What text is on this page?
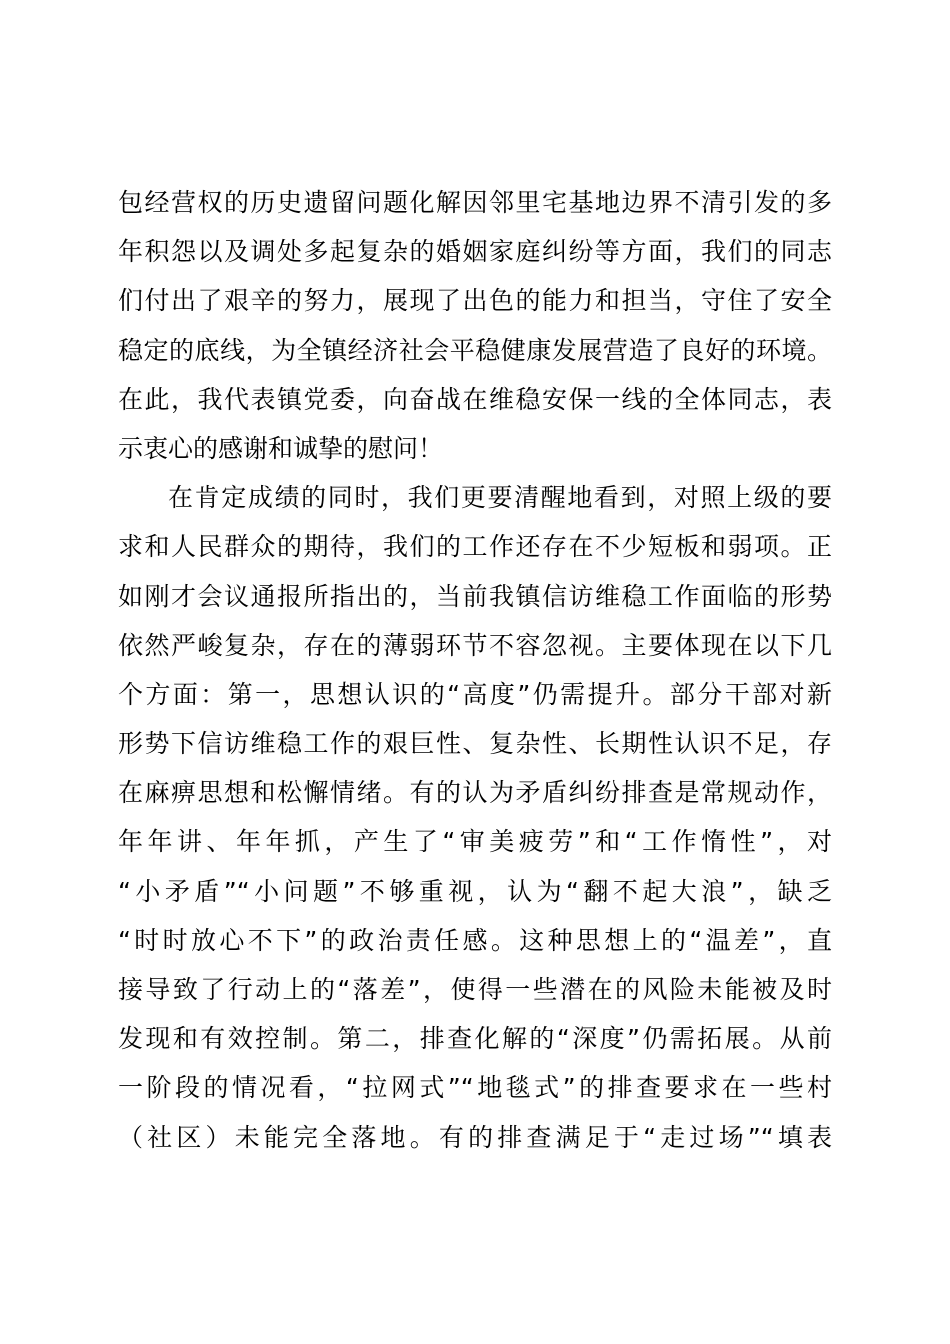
包经营权的历史遗留问题化解因邻里宅基地边界不清引发的多
年积怨以及调处多起复杂的婚姻家庭纠纷等方面，我们的同志
们付出了艰辛的努力，展现了出色的能力和担当，守住了安全
稳定的底线，为全镇经济社会平稳健康发展营造了良好的环境。
在此，我代表镇党委，向奋战在维稳安保一线的全体同志，表
示衷心的感谢和诚挚的慰问！
在肯定成绩的同时，我们更要清醒地看到，对照上级的要
求和人民群众的期待，我们的工作还存在不少短板和弱项。正
如刚才会议通报所指出的，当前我镇信访维稳工作面临的形势
依然严峻复杂，存在的薄弱环节不容忽视。主要体现在以下几
个方面：第一，思想认识的“高度”仍需提升。部分干部对新
形势下信访维稳工作的艰巨性、复杂性、长期性认识不足，存
在麻痹思想和松懈情绪。有的认为矛盾纠纷排查是常规动作，
年年讲、年年抓，产生了“审美疲劳”和“工作惰性”，对
“小矛盾”“小问题”不够重视，认为“翻不起大浪”，缺乏
“时时放心不下”的政治责任感。这种思想上的“温差”，直
接导致了行动上的“落差”，使得一些潜在的风险未能被及时
发现和有效控制。第二，排查化解的“深度”仍需拓展。从前
一阶段的情况看，“拉网式”“地毯式”的排查要求在一些村
（社区）未能完全落地。有的排查满足于“走过场”“填表
